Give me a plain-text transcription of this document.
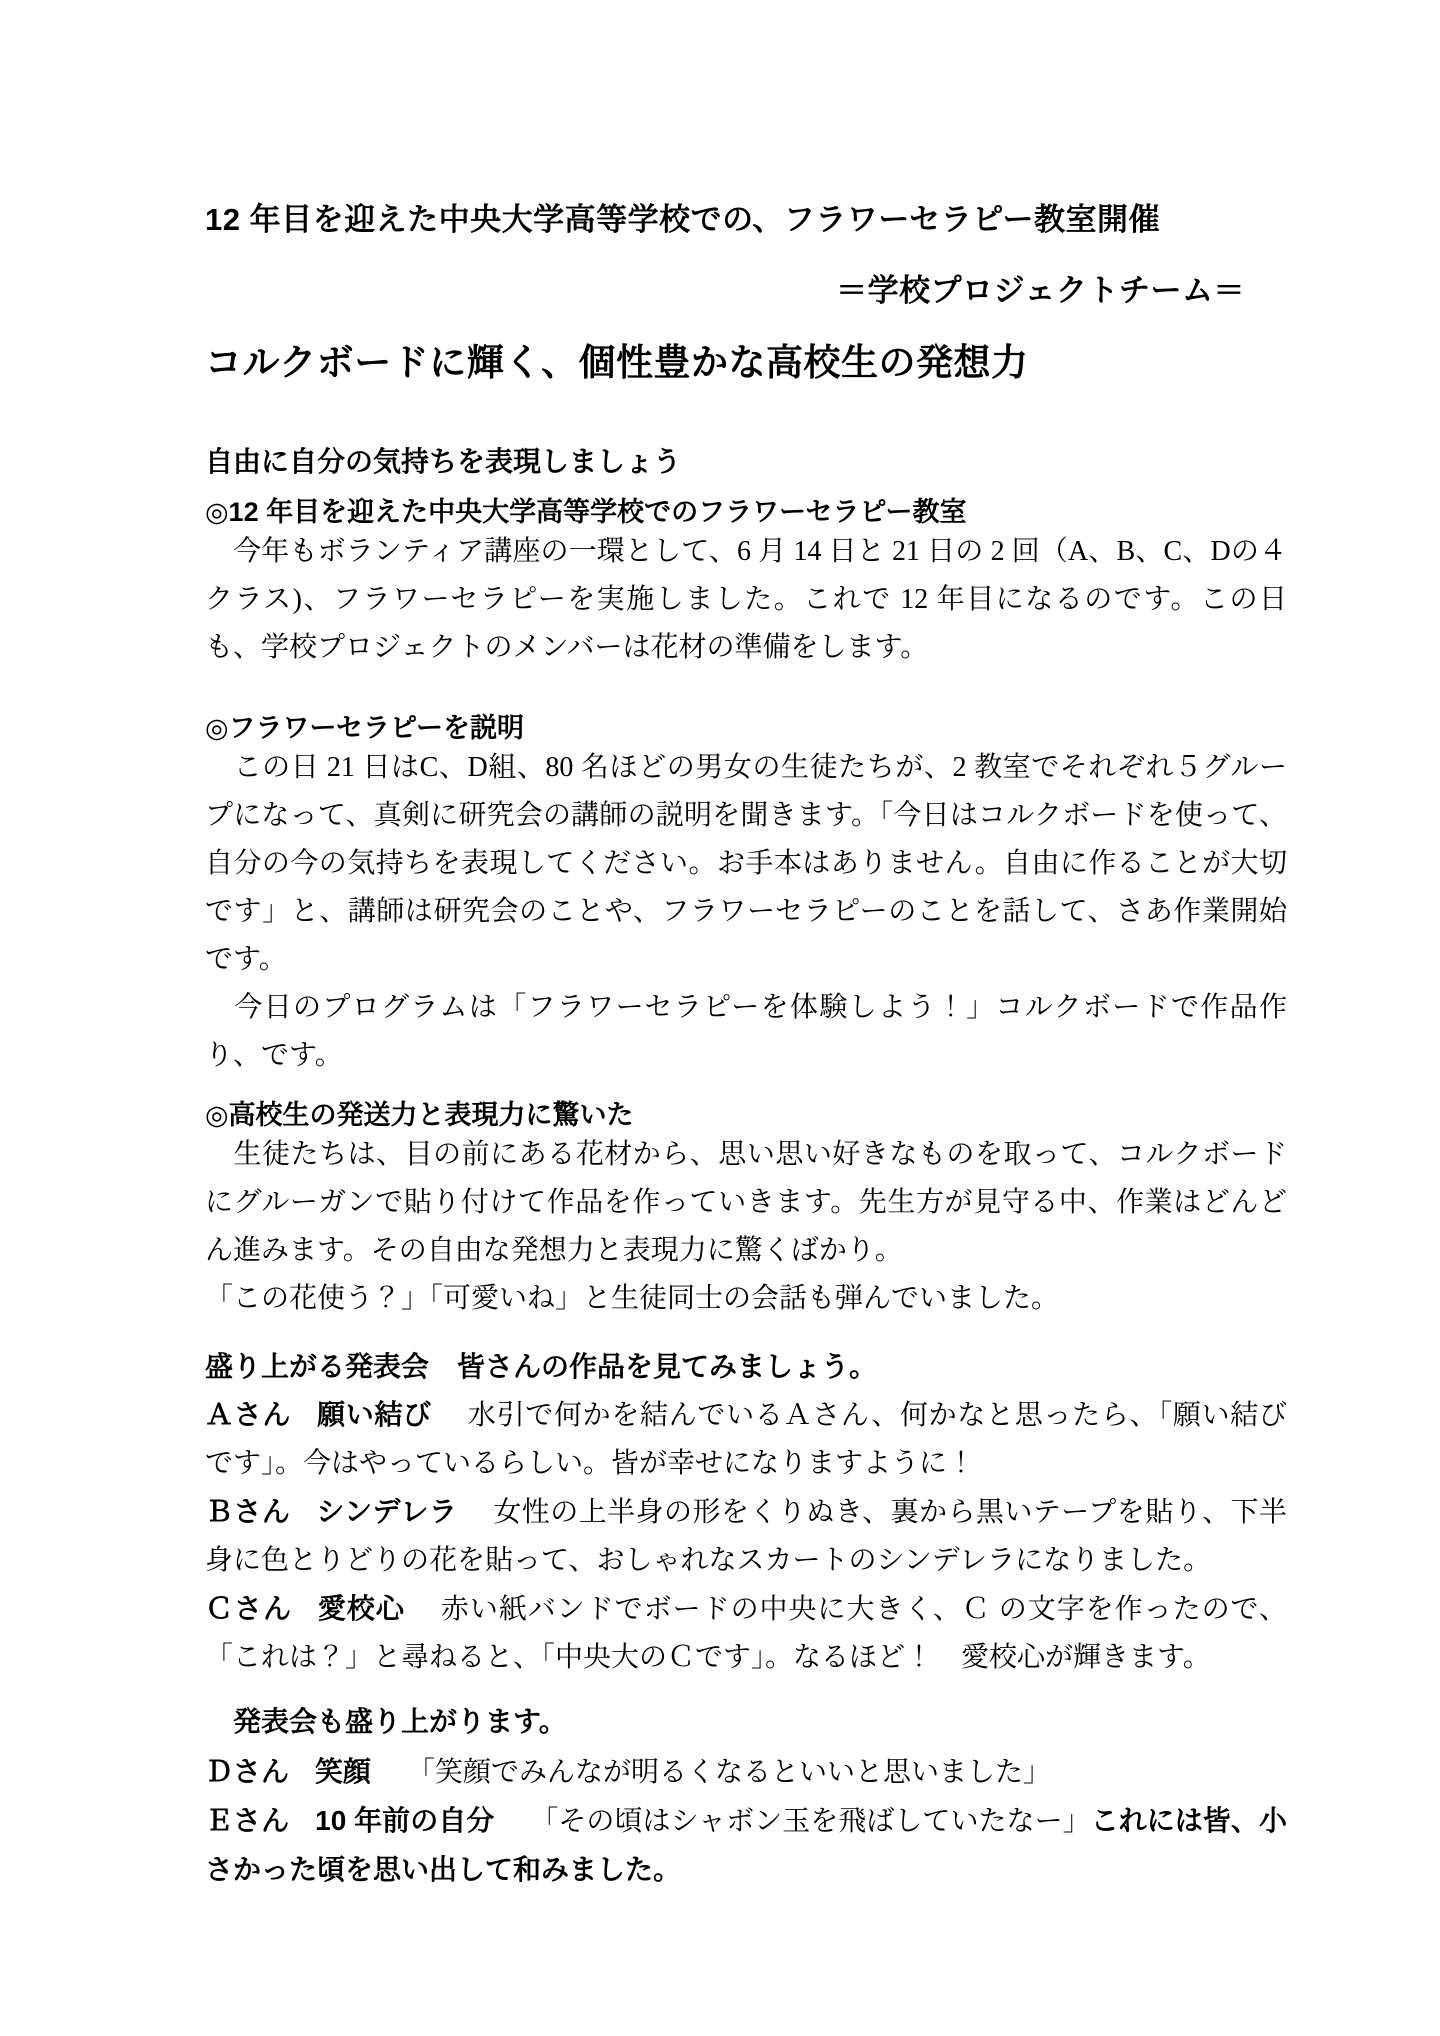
12 年目を迎えた中央大学高等学校での、フラワーセラピー教室開催
＝学校プロジェクトチーム＝
コルクボードに輝く、個性豊かな高校生の発想力
自由に自分の気持ちを表現しましょう
◎12 年目を迎えた中央大学高等学校でのフラワーセラピー教室

　今年もボランティア講座の一環として、6 月 14 日と 21 日の 2 回（A、B、C、Dの４クラス)、フラワーセラピーを実施しました。これで 12 年目になるのです。この日も、学校プロジェクトのメンバーは花材の準備をします。

◎フラワーセラピーを説明

　この日 21 日はC、D組、80 名ほどの男女の生徒たちが、2 教室でそれぞれ５グループになって、真剣に研究会の講師の説明を聞きます。「今日はコルクボードを使って、自分の今の気持ちを表現してください。お手本はありません。自由に作ることが大切です」と、講師は研究会のことや、フラワーセラピーのことを話して、さあ作業開始です。

　今日のプログラムは「フラワーセラピーを体験しよう！」コルクボードで作品作り、です。

◎高校生の発送力と表現力に驚いた

　生徒たちは、目の前にある花材から、思い思い好きなものを取って、コルクボードにグルーガンで貼り付けて作品を作っていきます。先生方が見守る中、作業はどんどん進みます。その自由な発想力と表現力に驚くばかり。

「この花使う？」「可愛いね」と生徒同士の会話も弾んでいました。

盛り上がる発表会　皆さんの作品を見てみましょう。

Ａさん 願い結び 水引で何かを結んでいるＡさん、何かなと思ったら、「願い結びです」。今はやっているらしい。皆が幸せになりますように！

Ｂさん シンデレラ 女性の上半身の形をくりぬき、裏から黒いテープを貼り、下半身に色とりどりの花を貼って、おしゃれなスカートのシンデレラになりました。

Ｃさん 愛校心 赤い紙バンドでボードの中央に大きく、Ｃ の文字を作ったので、「これは？」と尋ねると、「中央大のＣです」。なるほど！　愛校心が輝きます。

　発表会も盛り上がります。

Ｄさん 笑顔 「笑顔でみんなが明るくなるといいと思いました」

Ｅさん 10 年前の自分 「その頃はシャボン玉を飛ばしていたなー」これには皆、小さかった頃を思い出して和みました。
